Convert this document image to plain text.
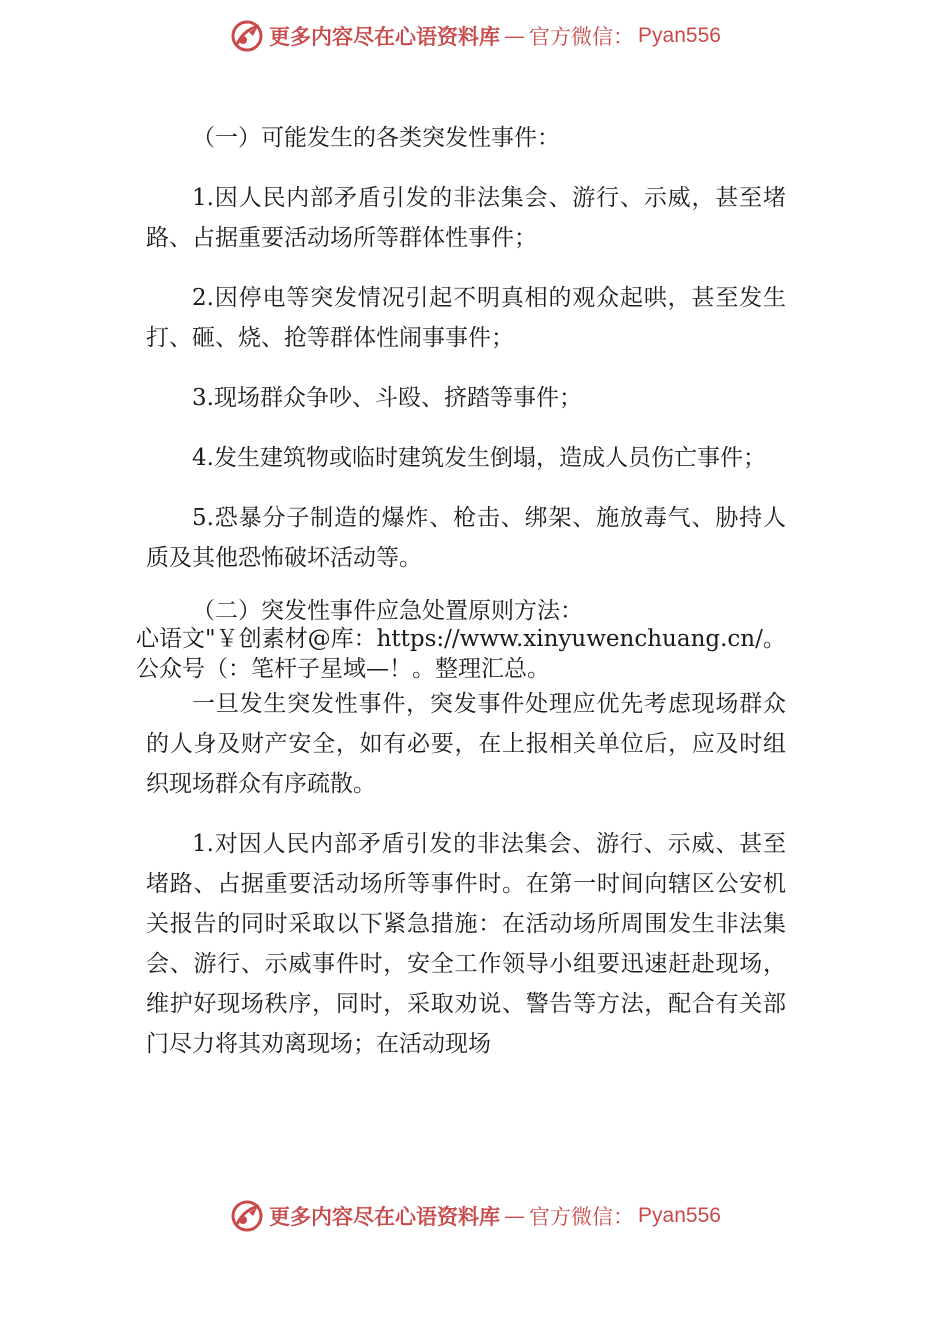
更多内容尽在心语资料库 — 官方微信： Pyan556

（一）可能发生的各类突发性事件：

1.因人民内部矛盾引发的非法集会、游行、示威，甚至堵路、占据重要活动场所等群体性事件；

2.因停电等突发情况引起不明真相的观众起哄，甚至发生打、砸、烧、抢等群体性闹事事件；

3.现场群众争吵、斗殴、挤踏等事件；

4.发生建筑物或临时建筑发生倒塌，造成人员伤亡事件；

5.恐暴分子制造的爆炸、枪击、绑架、施放毒气、胁持人质及其他恐怖破坏活动等。

（二）突发性事件应急处置原则方法：

心语文"￥创素材@库：https://www.xinyuwenchuang.cn/。
公众号（：笔杆子星域—！。整理汇总。

一旦发生突发性事件，突发事件处理应优先考虑现场群众的人身及财产安全，如有必要，在上报相关单位后，应及时组织现场群众有序疏散。

1.对因人民内部矛盾引发的非法集会、游行、示威、甚至堵路、占据重要活动场所等事件时。在第一时间向辖区公安机关报告的同时采取以下紧急措施：在活动场所周围发生非法集会、游行、示威事件时，安全工作领导小组要迅速赶赴现场，维护好现场秩序，同时，采取劝说、警告等方法，配合有关部门尽力将其劝离现场；在活动现场

更多内容尽在心语资料库 — 官方微信： Pyan556
